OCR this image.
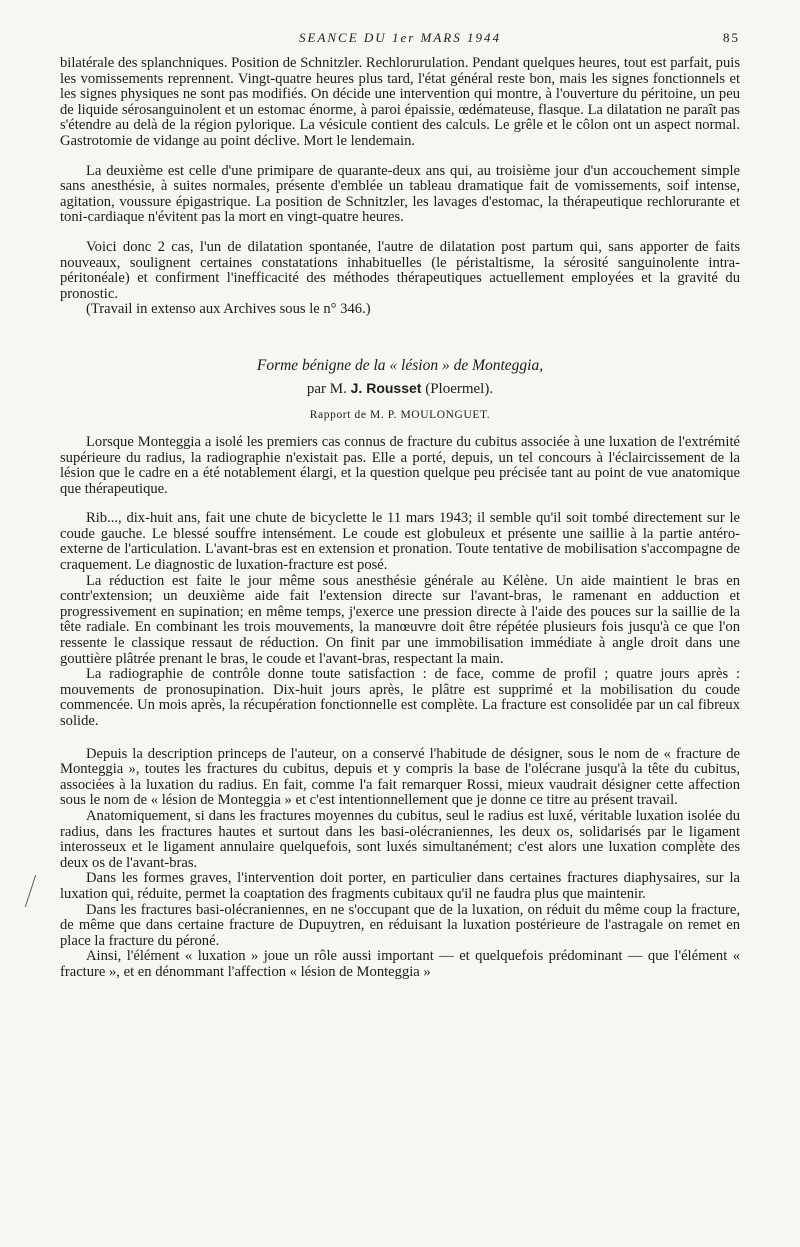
SEANCE DU 1er MARS 1944	85

bilatérale des splanchniques. Position de Schnitzler. Rechlorurulation. Pendant quelques heures, tout est parfait, puis les vomissements reprennent. Vingt-quatre heures plus tard, l'état général reste bon, mais les signes fonctionnels et les signes physiques ne sont pas modifiés. On décide une intervention qui montre, à l'ouverture du péritoine, un peu de liquide sérosanguinolent et un estomac énorme, à paroi épaissie, œdémateuse, flasque. La dilatation ne paraît pas s'étendre au delà de la région pylorique. La vésicule contient des calculs. Le grêle et le côlon ont un aspect normal. Gastrotomie de vidange au point déclive. Mort le lendemain.

La deuxième est celle d'une primipare de quarante-deux ans qui, au troisième jour d'un accouchement simple sans anesthésie, à suites normales, présente d'emblée un tableau dramatique fait de vomissements, soif intense, agitation, voussure épigastrique. La position de Schnitzler, les lavages d'estomac, la thérapeutique rechlorurante et toni-cardiaque n'évitent pas la mort en vingt-quatre heures.

Voici donc 2 cas, l'un de dilatation spontanée, l'autre de dilatation post partum qui, sans apporter de faits nouveaux, soulignent certaines constatations inhabituelles (le péristaltisme, la sérosité sanguinolente intra-péritonéale) et confirment l'inefficacité des méthodes thérapeutiques actuellement employées et la gravité du pronostic.

(Travail in extenso aux Archives sous le n° 346.)

Forme bénigne de la « lésion » de Monteggia,
par M. J. Rousset (Ploermel).
Rapport de M. P. MOULONGUET.

Lorsque Monteggia a isolé les premiers cas connus de fracture du cubitus associée à une luxation de l'extrémité supérieure du radius, la radiographie n'existait pas. Elle a porté, depuis, un tel concours à l'éclaircissement de la lésion que le cadre en a été notablement élargi, et la question quelque peu précisée tant au point de vue anatomique que thérapeutique.

Rib..., dix-huit ans, fait une chute de bicyclette le 11 mars 1943; il semble qu'il soit tombé directement sur le coude gauche. Le blessé souffre intensément. Le coude est globuleux et présente une saillie à la partie antéro-externe de l'articulation. L'avant-bras est en extension et pronation. Toute tentative de mobilisation s'accompagne de craquement. Le diagnostic de luxation-fracture est posé.

La réduction est faite le jour même sous anesthésie générale au Kélène. Un aide maintient le bras en contr'extension; un deuxième aide fait l'extension directe sur l'avant-bras, le ramenant en adduction et progressivement en supination; en même temps, j'exerce une pression directe à l'aide des pouces sur la saillie de la tête radiale. En combinant les trois mouvements, la manœuvre doit être répétée plusieurs fois jusqu'à ce que l'on ressente le classique ressaut de réduction. On finit par une immobilisation immédiate à angle droit dans une gouttière plâtrée prenant le bras, le coude et l'avant-bras, respectant la main.

La radiographie de contrôle donne toute satisfaction : de face, comme de profil ; quatre jours après : mouvements de pronosupination. Dix-huit jours après, le plâtre est supprimé et la mobilisation du coude commencée. Un mois après, la récupération fonctionnelle est complète. La fracture est consolidée par un cal fibreux solide.

Depuis la description princeps de l'auteur, on a conservé l'habitude de désigner, sous le nom de « fracture de Monteggia », toutes les fractures du cubitus, depuis et y compris la base de l'olécrane jusqu'à la tête du cubitus, associées à la luxation du radius. En fait, comme l'a fait remarquer Rossi, mieux vaudrait désigner cette affection sous le nom de « lésion de Monteggia » et c'est intentionnellement que je donne ce titre au présent travail.

Anatomiquement, si dans les fractures moyennes du cubitus, seul le radius est luxé, véritable luxation isolée du radius, dans les fractures hautes et surtout dans les basi-olécraniennes, les deux os, solidarisés par le ligament interosseux et le ligament annulaire quelquefois, sont luxés simultanément; c'est alors une luxation complète des deux os de l'avant-bras.

Dans les formes graves, l'intervention doit porter, en particulier dans certaines fractures diaphysaires, sur la luxation qui, réduite, permet la coaptation des fragments cubitaux qu'il ne faudra plus que maintenir.

Dans les fractures basi-olécraniennes, en ne s'occupant que de la luxation, on réduit du même coup la fracture, de même que dans certaine fracture de Dupuytren, en réduisant la luxation postérieure de l'astragale on remet en place la fracture du péroné.

Ainsi, l'élément « luxation » joue un rôle aussi important — et quelquefois prédominant — que l'élément « fracture », et en dénommant l'affection « lésion de Monteggia »
